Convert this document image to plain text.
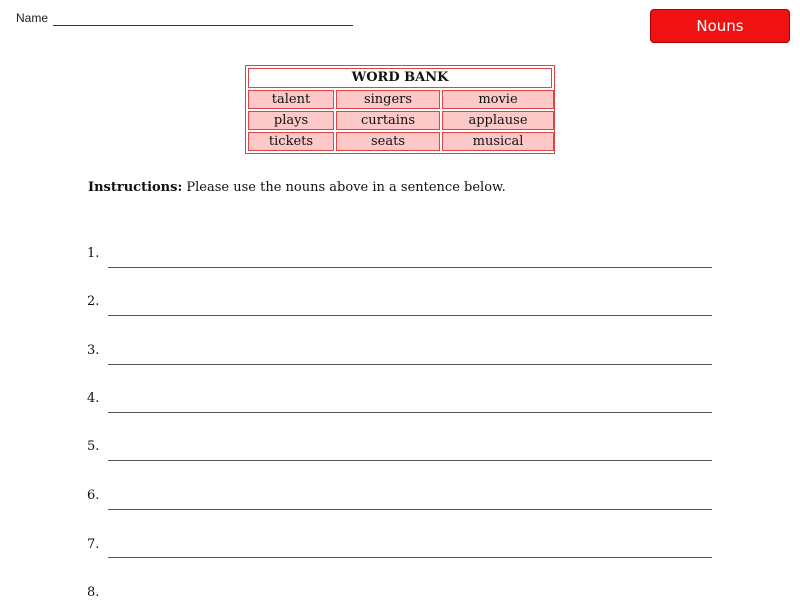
Name	Nouns
WORD BANK
talent	singers	movie
plays	curtains	applause
tickets	seats	musical
Instructions: Please use the nouns above in a sentence below.
1.
2.
3.
4.
5.
6.
7.
8.
